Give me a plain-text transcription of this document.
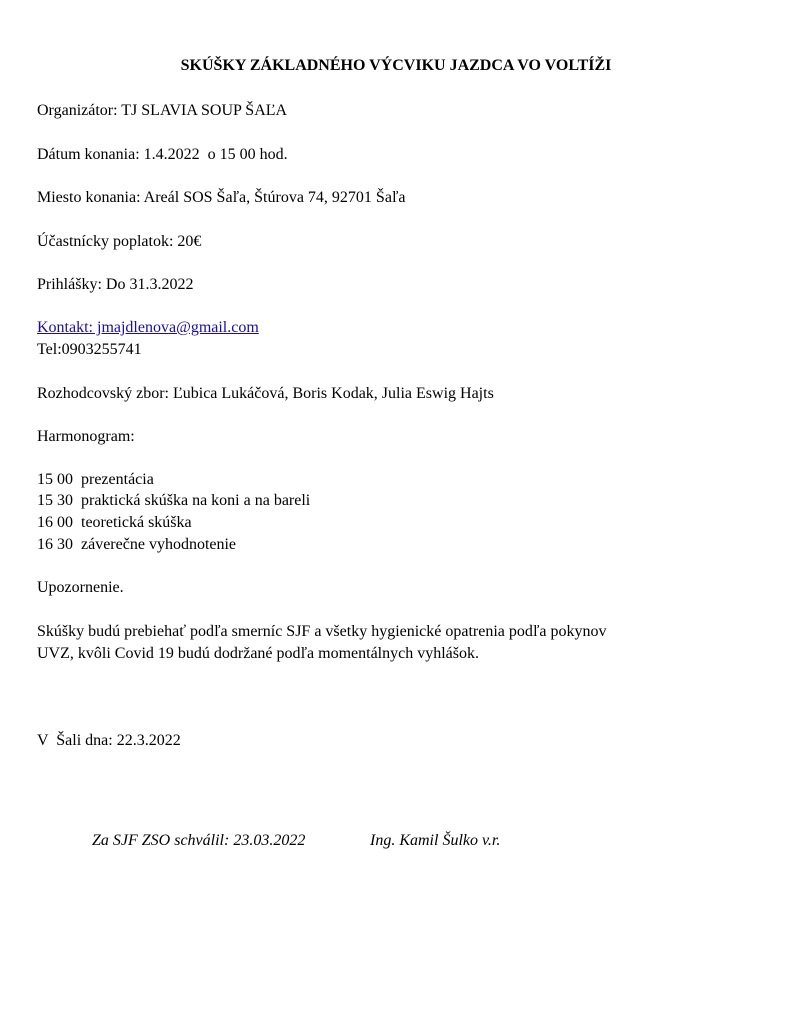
SKÚŠKY ZÁKLADNÉHO VÝCVIKU JAZDCA VO VOLTÍŽI
Organizátor: TJ SLAVIA SOUP ŠAĽA
Dátum konania: 1.4.2022  o 15 00 hod.
Miesto konania: Areál SOS Šaľa, Štúrova 74, 92701 Šaľa
Účastnícky poplatok: 20€
Prihlášky: Do 31.3.2022
Kontakt: jmajdlenova@gmail.com
Tel:0903255741
Rozhodcovský zbor: Ľubica Lukáčová, Boris Kodak, Julia Eswig Hajts
Harmonogram:
15 00  prezentácia
15 30  praktická skúška na koni a na bareli
16 00  teoretická skúška
16 30  záverečne vyhodnotenie
Upozornenie.
Skúšky budú prebiehať podľa smerníc SJF a všetky hygienické opatrenia podľa pokynov
UVZ, kvôli Covid 19 budú dodržané podľa momentálnych vyhlášok.
V  Šali dna: 22.3.2022
Za SJF ZSO schválil: 23.03.2022	Ing. Kamil Šulko v.r.
